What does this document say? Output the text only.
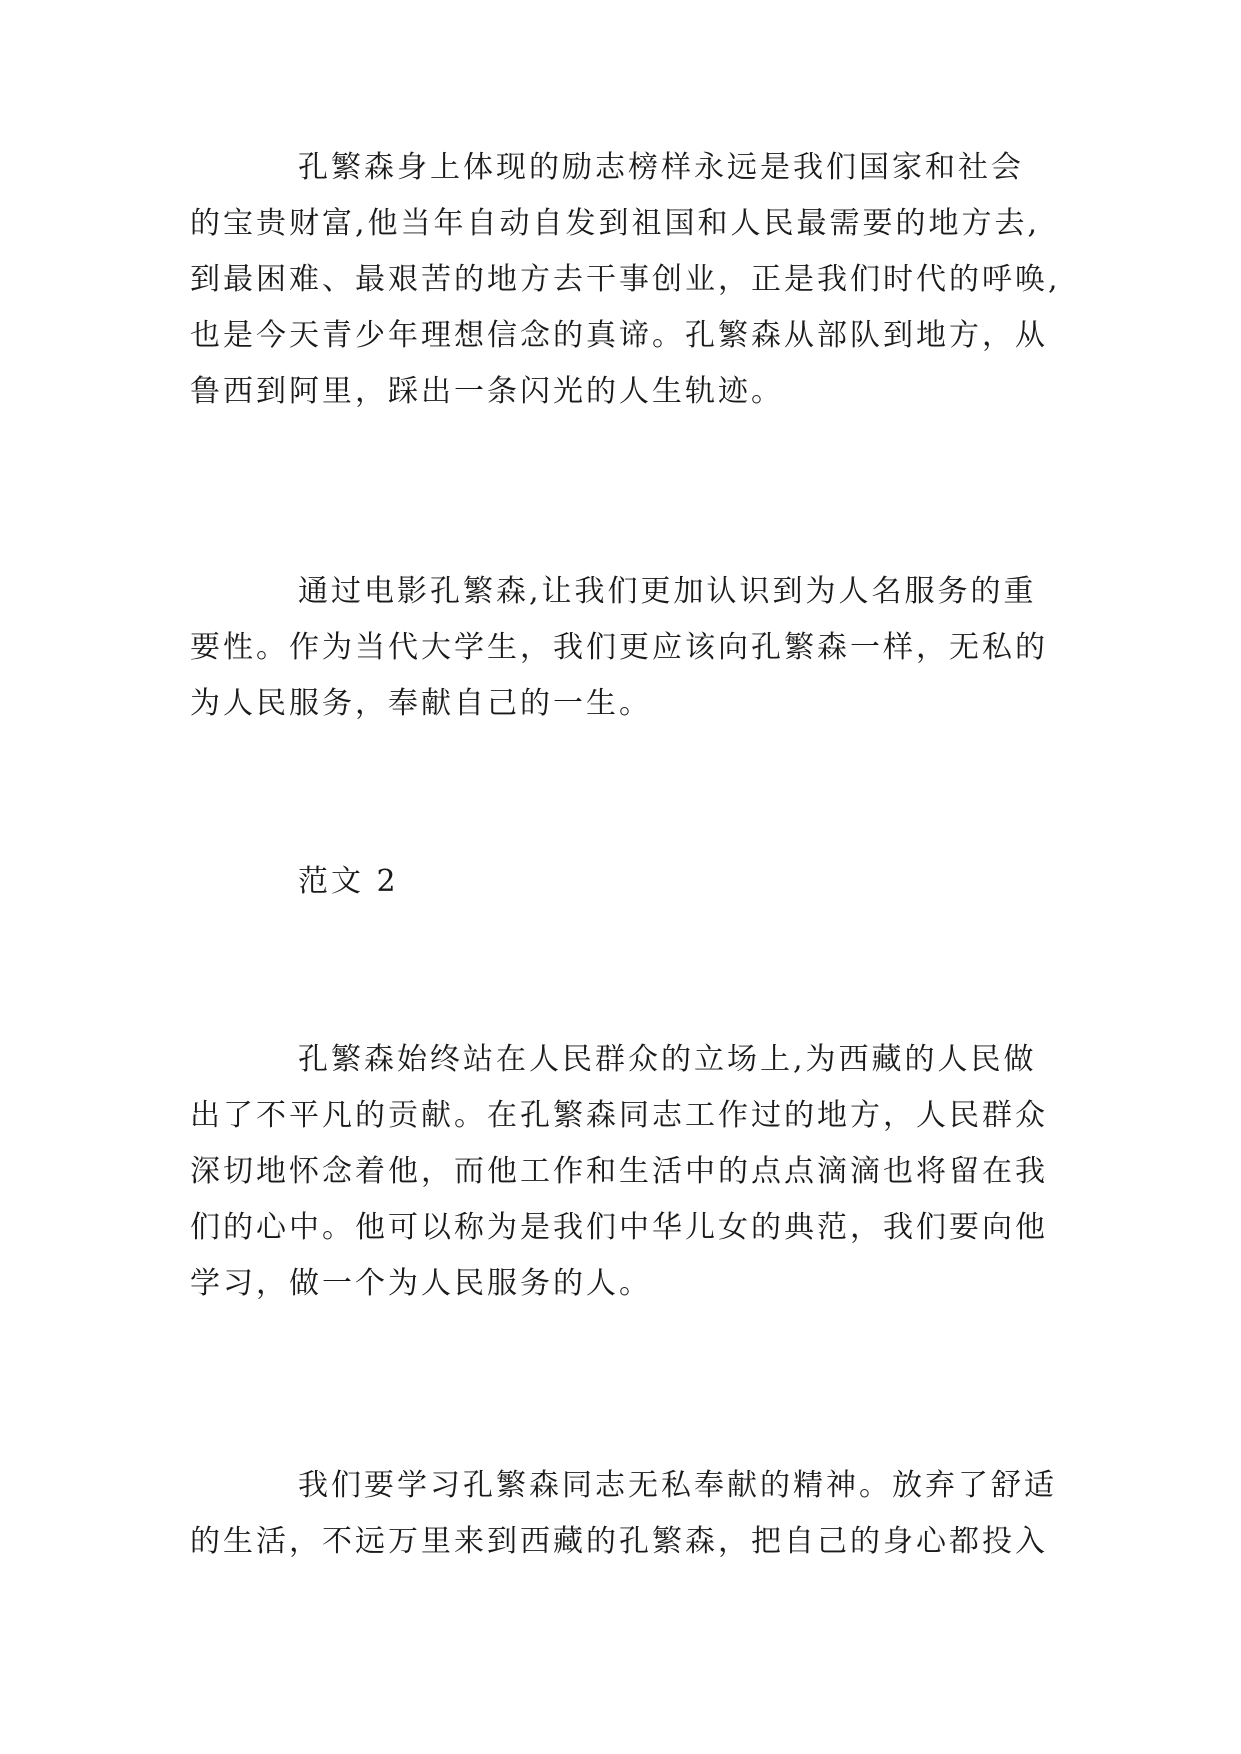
孔繁森身上体现的励志榜样永远是我们国家和社会
的宝贵财富,他当年自动自发到祖国和人民最需要的地方去,
到最困难、最艰苦的地方去干事创业，正是我们时代的呼唤,
也是今天青少年理想信念的真谛。孔繁森从部队到地方，从
鲁西到阿里，踩出一条闪光的人生轨迹。
通过电影孔繁森,让我们更加认识到为人名服务的重
要性。作为当代大学生，我们更应该向孔繁森一样，无私的
为人民服务，奉献自己的一生。
范文 2
孔繁森始终站在人民群众的立场上,为西藏的人民做
出了不平凡的贡献。在孔繁森同志工作过的地方，人民群众
深切地怀念着他，而他工作和生活中的点点滴滴也将留在我
们的心中。他可以称为是我们中华儿女的典范，我们要向他
学习，做一个为人民服务的人。
我们要学习孔繁森同志无私奉献的精神。放弃了舒适
的生活，不远万里来到西藏的孔繁森，把自己的身心都投入
